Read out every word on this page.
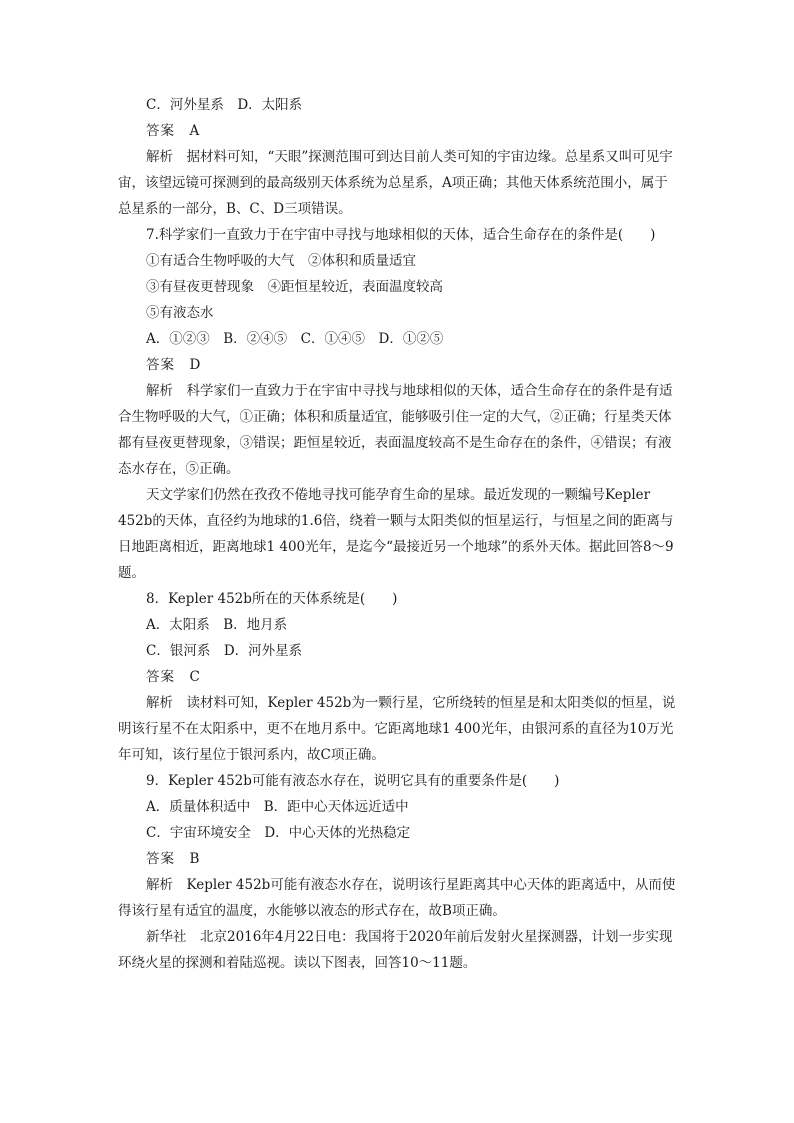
C．河外星系　D．太阳系

答案　A

解析　据材料可知，“天眼”探测范围可到达目前人类可知的宇宙边缘。总星系又叫可见宇宙，该望远镜可探测到的最高级别天体系统为总星系，A项正确；其他天体系统范围小，属于总星系的一部分，B、C、D三项错误。

7.科学家们一直致力于在宇宙中寻找与地球相似的天体，适合生命存在的条件是(　　)

①有适合生物呼吸的大气　②体积和质量适宜

③有昼夜更替现象　④距恒星较近，表面温度较高

⑤有液态水

A．①②③　B．②④⑤　C．①④⑤　D．①②⑤

答案　D

解析　科学家们一直致力于在宇宙中寻找与地球相似的天体，适合生命存在的条件是有适合生物呼吸的大气，①正确；体积和质量适宜，能够吸引住一定的大气，②正确；行星类天体都有昼夜更替现象，③错误；距恒星较近，表面温度较高不是生命存在的条件，④错误；有液态水存在，⑤正确。

天文学家们仍然在孜孜不倦地寻找可能孕育生命的星球。最近发现的一颗编号Kepler 452b的天体，直径约为地球的1.6倍，绕着一颗与太阳类似的恒星运行，与恒星之间的距离与日地距离相近，距离地球1 400光年，是迄今“最接近另一个地球”的系外天体。据此回答8～9题。

8．Kepler 452b所在的天体系统是(　　)

A．太阳系　B．地月系

C．银河系　D．河外星系

答案　C

解析　读材料可知，Kepler 452b为一颗行星，它所绕转的恒星是和太阳类似的恒星，说明该行星不在太阳系中，更不在地月系中。它距离地球1 400光年，由银河系的直径为10万光年可知，该行星位于银河系内，故C项正确。

9．Kepler 452b可能有液态水存在，说明它具有的重要条件是(　　)

A．质量体积适中　B．距中心天体远近适中

C．宇宙环境安全　D．中心天体的光热稳定

答案　B

解析　Kepler 452b可能有液态水存在，说明该行星距离其中心天体的距离适中，从而使得该行星有适宜的温度，水能够以液态的形式存在，故B项正确。

新华社　北京2016年4月22日电：我国将于2020年前后发射火星探测器，计划一步实现环绕火星的探测和着陆巡视。读以下图表，回答10～11题。
